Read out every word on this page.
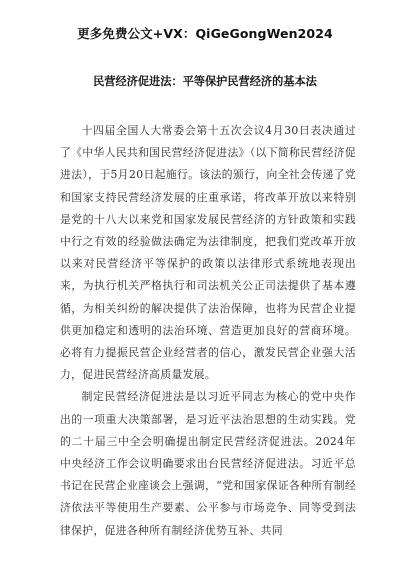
更多免费公文+VX：QiGeGongWen2024
民营经济促进法：平等保护民营经济的基本法

十四届全国人大常委会第十五次会议4月30日表决通过了《中华人民共和国民营经济促进法》（以下简称民营经济促进法），于5月20日起施行。该法的颁行，向全社会传递了党和国家支持民营经济发展的庄重承诺，将改革开放以来特别是党的十八大以来党和国家发展民营经济的方针政策和实践中行之有效的经验做法确定为法律制度，把我们党改革开放以来对民营经济平等保护的政策以法律形式系统地表现出来，为执行机关严格执行和司法机关公正司法提供了基本遵循，为相关纠纷的解决提供了法治保障，也将为民营企业提供更加稳定和透明的法治环境、营造更加良好的营商环境。必将有力提振民营企业经营者的信心，激发民营企业强大活力，促进民营经济高质量发展。

制定民营经济促进法是以习近平同志为核心的党中央作出的一项重大决策部署，是习近平法治思想的生动实践。党的二十届三中全会明确提出制定民营经济促进法。2024年中央经济工作会议明确要求出台民营经济促进法。习近平总书记在民营企业座谈会上强调，“党和国家保证各种所有制经济依法平等使用生产要素、公平参与市场竞争、同等受到法律保护，促进各种所有制经济优势互补、共同
